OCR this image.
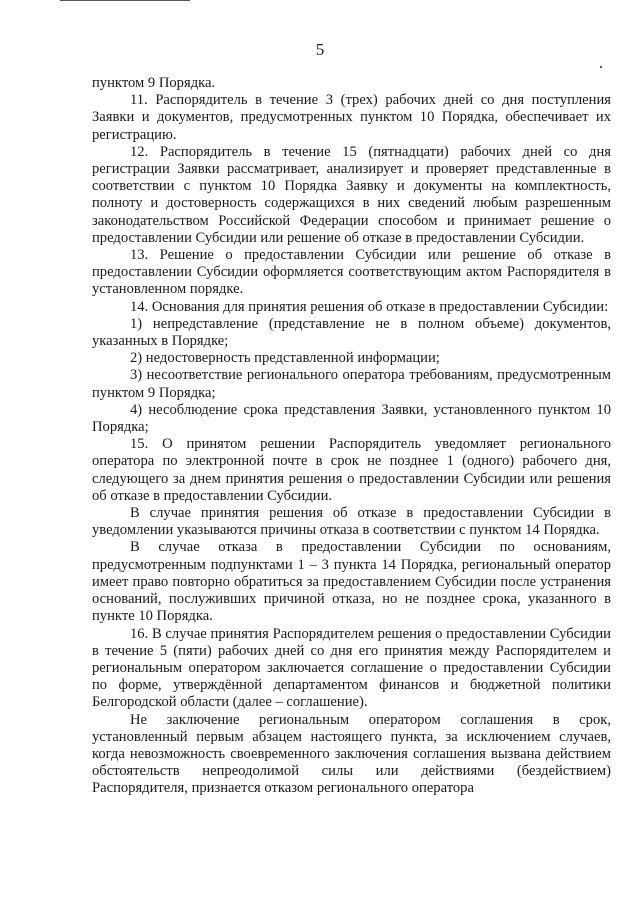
5

пунктом 9 Порядка.

11. Распорядитель в течение 3 (трех) рабочих дней со дня поступления Заявки и документов, предусмотренных пунктом 10 Порядка, обеспечивает их регистрацию.

12. Распорядитель в течение 15 (пятнадцати) рабочих дней со дня регистрации Заявки рассматривает, анализирует и проверяет представленные в соответствии с пунктом 10 Порядка Заявку и документы на комплектность, полноту и достоверность содержащихся в них сведений любым разрешенным законодательством Российской Федерации способом и принимает решение о предоставлении Субсидии или решение об отказе в предоставлении Субсидии.

13. Решение о предоставлении Субсидии или решение об отказе в предоставлении Субсидии оформляется соответствующим актом Распорядителя в установленном порядке.

14. Основания для принятия решения об отказе в предоставлении Субсидии:

1) непредставление (представление не в полном объеме) документов, указанных в Порядке;

2) недостоверность представленной информации;

3) несоответствие регионального оператора требованиям, предусмотренным пунктом 9 Порядка;

4) несоблюдение срока представления Заявки, установленного пунктом 10 Порядка;

15. О принятом решении Распорядитель уведомляет регионального оператора по электронной почте в срок не позднее 1 (одного) рабочего дня, следующего за днем принятия решения о предоставлении Субсидии или решения об отказе в предоставлении Субсидии.

В случае принятия решения об отказе в предоставлении Субсидии в уведомлении указываются причины отказа в соответствии с пунктом 14 Порядка.

В случае отказа в предоставлении Субсидии по основаниям, предусмотренным подпунктами 1 – 3 пункта 14 Порядка, региональный оператор имеет право повторно обратиться за предоставлением Субсидии после устранения оснований, послуживших причиной отказа, но не позднее срока, указанного в пункте 10 Порядка.

16. В случае принятия Распорядителем решения о предоставлении Субсидии в течение 5 (пяти) рабочих дней со дня его принятия между Распорядителем и региональным оператором заключается соглашение о предоставлении Субсидии по форме, утверждённой департаментом финансов и бюджетной политики Белгородской области (далее – соглашение).

Не заключение региональным оператором соглашения в срок, установленный первым абзацем настоящего пункта, за исключением случаев, когда невозможность своевременного заключения соглашения вызвана действием обстоятельств непреодолимой силы или действиями (бездействием) Распорядителя, признается отказом регионального оператора
